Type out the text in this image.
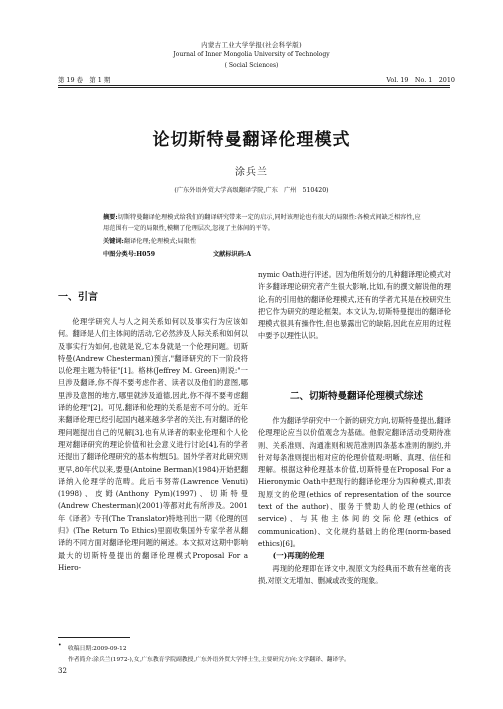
内蒙古工业大学学报(社会科学版)
Journal of Inner Mongolia University of Technology
( Social Sciences)
第 19 卷　第 1 期	Vol. 19　No. 1　2010
论切斯特曼翻译伦理模式
涂兵兰
(广东外语外贸大学高级翻译学院,广东　广州　510420)
摘要:切斯特曼翻译伦理模式给我们的翻译研究带来一定的启示,同时该理论也有很大的局限性:各模式间缺乏相容性,应用范围有一定的局限性,模糊了伦理层次,忽视了主体间的平等。
关键词:翻译伦理;伦理模式;局限性
中图分类号:H059	文献标识码:A
一、引言

伦理学研究人与人之间关系如何以及事实行为应该如何。翻译是人们主体间的活动,它必然涉及人际关系和如何以及事实行为如何,也就是说,它本身就是一个伦理问题。切斯特曼(Andrew Chesterman)预言,"翻译研究的下一阶段将以伦理主题为特征"[1]。格林(Jeffrey M. Green)则说:"一旦涉及翻译,你不得不要考虑作者、读者以及他们的意图,哪里涉及意图的地方,哪里就涉及道德,因此,你不得不要考虑翻译的伦理"[2]。可见,翻译和伦理的关系是密不可分的。近年来翻译伦理已经引起国内越来越多学者的关注,有对翻译的伦理问题提出自己的见解[3],也有从译者的职业伦理和个人伦理对翻译研究的理论价值和社会意义进行讨论[4],有的学者还提出了翻译伦理研究的基本构想[5]。国外学者对此研究则更早,80年代以来,要曼(Antoine Berman)(1984)开始把翻译纳入伦理学的范畴。此后韦努蒂(Lawrence Venuti)(1998)、皮姆(Anthony Pym)(1997)、切斯特曼(Andrew Chesterman)(2001)等都对此有所涉及。2001年《译者》专刊(The Translator)特地刊出一期《伦理的回归》(The Return To Ethics)里面收集国外专家学者从翻译的不同方面对翻译伦理问题的阐述。本文拟对这期中影响最大的切斯特曼提出的翻译伦理模式Proposal For a Hiero-

nymic Oath进行评述。因为他所划分的几种翻译理论模式对许多翻译理论研究者产生很大影响,比如,有的撰文解说他的理论,有的引用他的翻译伦理模式,还有的学者尤其是在校研究生把它作为研究的理论框架。本文认为,切斯特曼提出的翻译伦理模式很具有操作性,但也暴露出它的缺陷,因此在应用的过程中要予以理性认识。

二、切斯特曼翻译伦理模式综述

作为翻译学研究中一个新的研究方向,切斯特曼提出,翻译伦理理论应当以价值观念为基础。他假定翻译活动受期待准则、关系准则、沟通准则和规范准则四条基本准则的制约,并针对每条准则提出相对应的伦理价值观:明晰、真理、信任和理解。根据这种伦理基本价值,切斯特曼在Proposal For a Hieronymic Oath中把现行的翻译伦理分为四种模式,即表现原文的伦理(ethics of representation of the source text of the author)、服务于赞助人的伦理(ethics of service)、与其他主体间的交际伦理(ethics of communication)、文化规约基础上的伦理(norm-based ethics)[6]。

(一)再现的伦理

再现的伦理即在译文中,视原文为经典而不敢有丝毫的丧损,对原文无增加、删减或改变的现象。

• 收稿日期:2009-09-12
作者简介:涂兵兰(1972-),女,广东教育学院副教授,广东外语外贸大学博士生,主要研究方向:文学翻译、翻译学。
32
